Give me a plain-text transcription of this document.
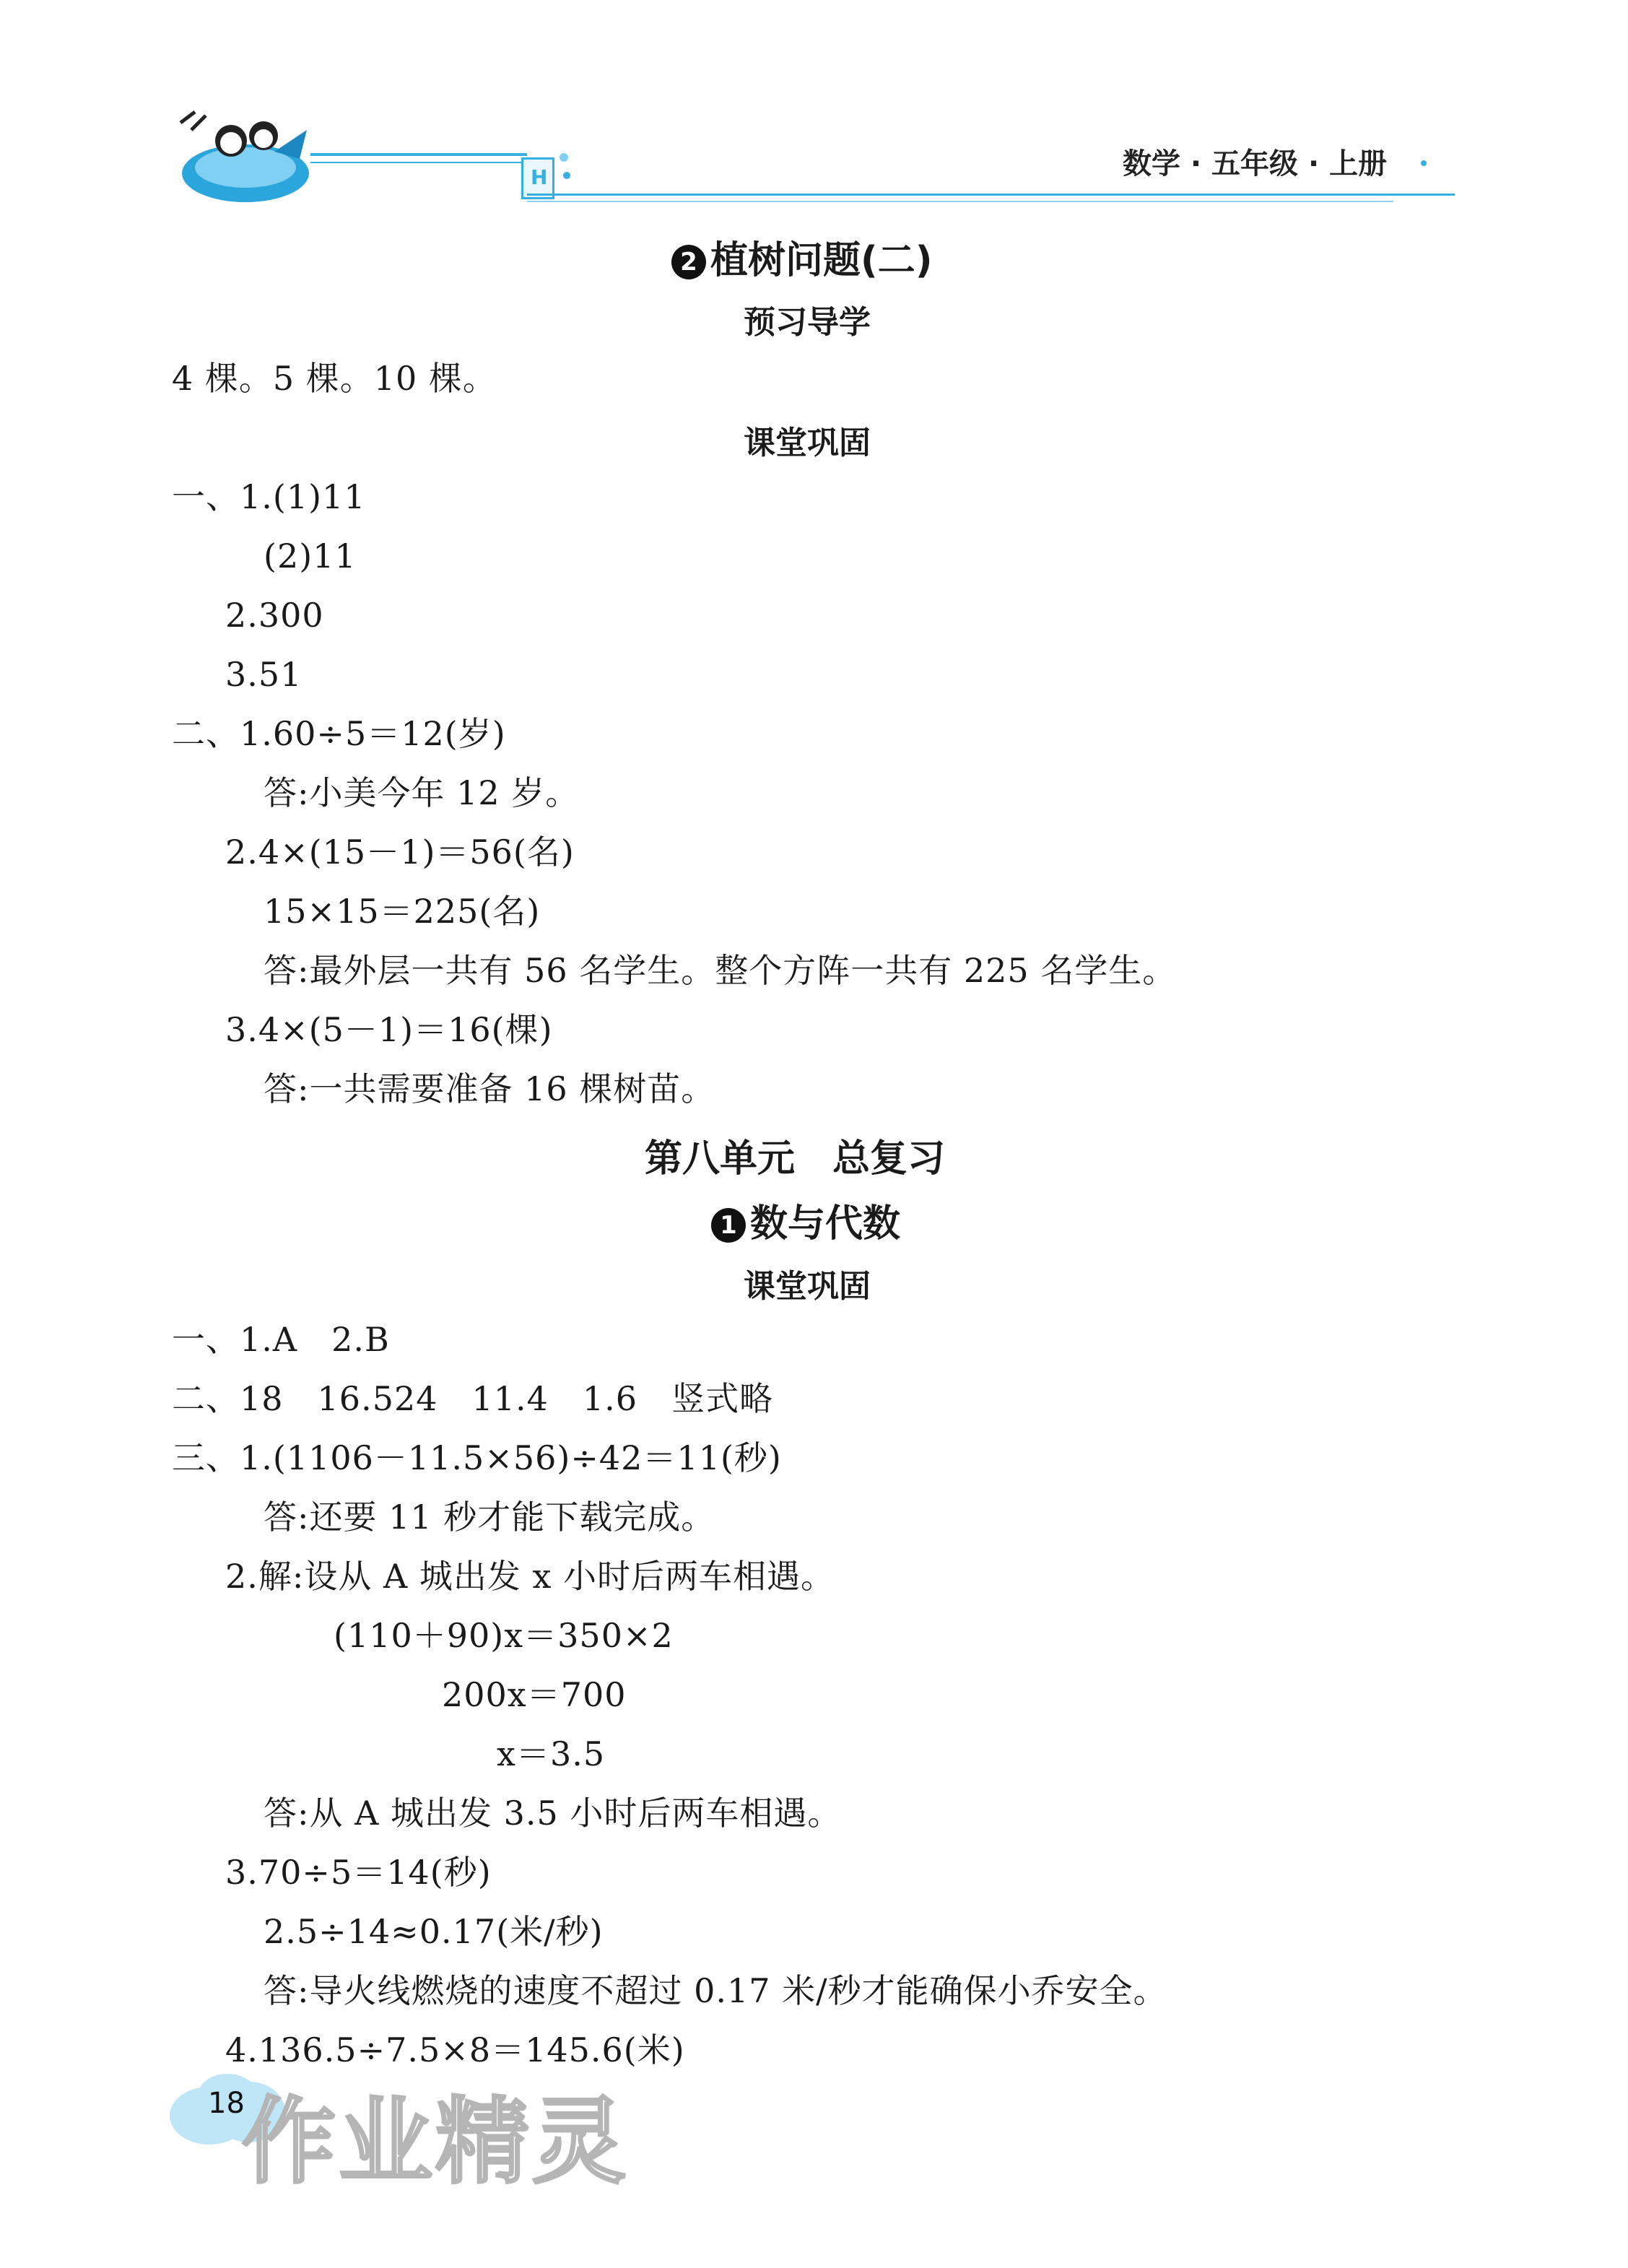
H	数学 · 五年级 · 上册
2 植树问题(二)
预习导学
4 棵。5 棵。10 棵。
课堂巩固
一、1.(1)11
(2)11
2.300
3.51
二、1.60÷5＝12(岁)
答:小美今年 12 岁。
2.4×(15－1)＝56(名)
15×15＝225(名)
答:最外层一共有 56 名学生。整个方阵一共有 225 名学生。
3.4×(5－1)＝16(棵)
答:一共需要准备 16 棵树苗。
第八单元　总复习
1 数与代数
课堂巩固
一、1.A　2.B
二、18　16.524　11.4　1.6　竖式略
三、1.(1106－11.5×56)÷42＝11(秒)
答:还要 11 秒才能下载完成。
2.解:设从 A 城出发 x 小时后两车相遇。
(110＋90)x＝350×2
200x＝700
x＝3.5
答:从 A 城出发 3.5 小时后两车相遇。
3.70÷5＝14(秒)
2.5÷14≈0.17(米/秒)
答:导火线燃烧的速度不超过 0.17 米/秒才能确保小乔安全。
4.136.5÷7.5×8＝145.6(米)
18
作业精灵
